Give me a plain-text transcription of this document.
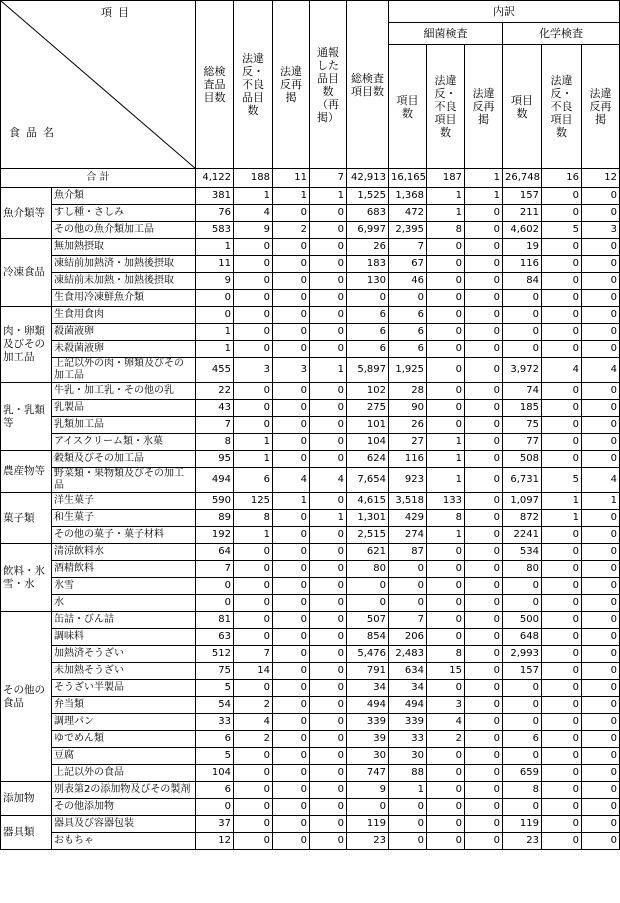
項目
食品名		総検査品目数	法違反・不良品目数	法違反再掲	通報した品目数（再掲）	総検査項目数	内訳					
							細菌検査			化学検査		
							項目数	法違反・不良項目数	法違反再掲	項目数	法違反・不良項目数	法違反再掲
合 計		4,122	188	11	7	42,913	16,165	187	1	26,748	16	12
魚介類等	魚介類	381	1	1	1	1,525	1,368	1	1	157	0	0
	すし種・さしみ	76	4	0	0	683	472	1	0	211	0	0
	その他の魚介類加工品	583	9	2	0	6,997	2,395	8	0	4,602	5	3
冷凍食品	無加熱摂取	1	0	0	0	26	7	0	0	19	0	0
	凍結前加熱済・加熱後摂取	11	0	0	0	183	67	0	0	116	0	0
	凍結前未加熱・加熱後摂取	9	0	0	0	130	46	0	0	84	0	0
	生食用冷凍鮮魚介類	0	0	0	0	0	0	0	0	0	0	0
肉・卵類及びその加工品	生食用食肉	0	0	0	0	6	6	0	0	0	0	0
	殺菌液卵	1	0	0	0	6	6	0	0	0	0	0
	未殺菌液卵	1	0	0	0	6	6	0	0	0	0	0
	上記以外の肉・卵類及びその加工品	455	3	3	1	5,897	1,925	0	0	3,972	4	4
乳・乳類等	牛乳・加工乳・その他の乳	22	0	0	0	102	28	0	0	74	0	0
	乳製品	43	0	0	0	275	90	0	0	185	0	0
	乳類加工品	7	0	0	0	101	26	0	0	75	0	0
	アイスクリーム類・氷菓	8	1	0	0	104	27	1	0	77	0	0
農産物等	穀類及びその加工品	95	1	0	0	624	116	1	0	508	0	0
	野菜類・果物類及びその加工品	494	6	4	4	7,654	923	1	0	6,731	5	4
菓子類	洋生菓子	590	125	1	0	4,615	3,518	133	0	1,097	1	1
	和生菓子	89	8	0	1	1,301	429	8	0	872	1	0
	その他の菓子・菓子材料	192	1	0	0	2,515	274	1	0	2241	0	0
飲料・氷雪・水	清涼飲料水	64	0	0	0	621	87	0	0	534	0	0
	酒精飲料	7	0	0	0	80	0	0	0	80	0	0
	氷雪	0	0	0	0	0	0	0	0	0	0	0
	水	0	0	0	0	0	0	0	0	0	0	0
その他の食品	缶詰・びん詰	81	0	0	0	507	7	0	0	500	0	0
	調味料	63	0	0	0	854	206	0	0	648	0	0
	加熱済そうざい	512	7	0	0	5,476	2,483	8	0	2,993	0	0
	未加熱そうざい	75	14	0	0	791	634	15	0	157	0	0
	そうざい半製品	5	0	0	0	34	34	0	0	0	0	0
	弁当類	54	2	0	0	494	494	3	0	0	0	0
	調理パン	33	4	0	0	339	339	4	0	0	0	0
	ゆでめん類	6	2	0	0	39	33	2	0	6	0	0
	豆腐	5	0	0	0	30	30	0	0	0	0	0
	上記以外の食品	104	0	0	0	747	88	0	0	659	0	0
添加物	別表第2の添加物及びその製剤	6	0	0	0	9	1	0	0	8	0	0
	その他添加物	0	0	0	0	0	0	0	0	0	0	0
器具類	器具及び容器包装	37	0	0	0	119	0	0	0	119	0	0
	おもちゃ	12	0	0	0	23	0	0	0	23	0	0
